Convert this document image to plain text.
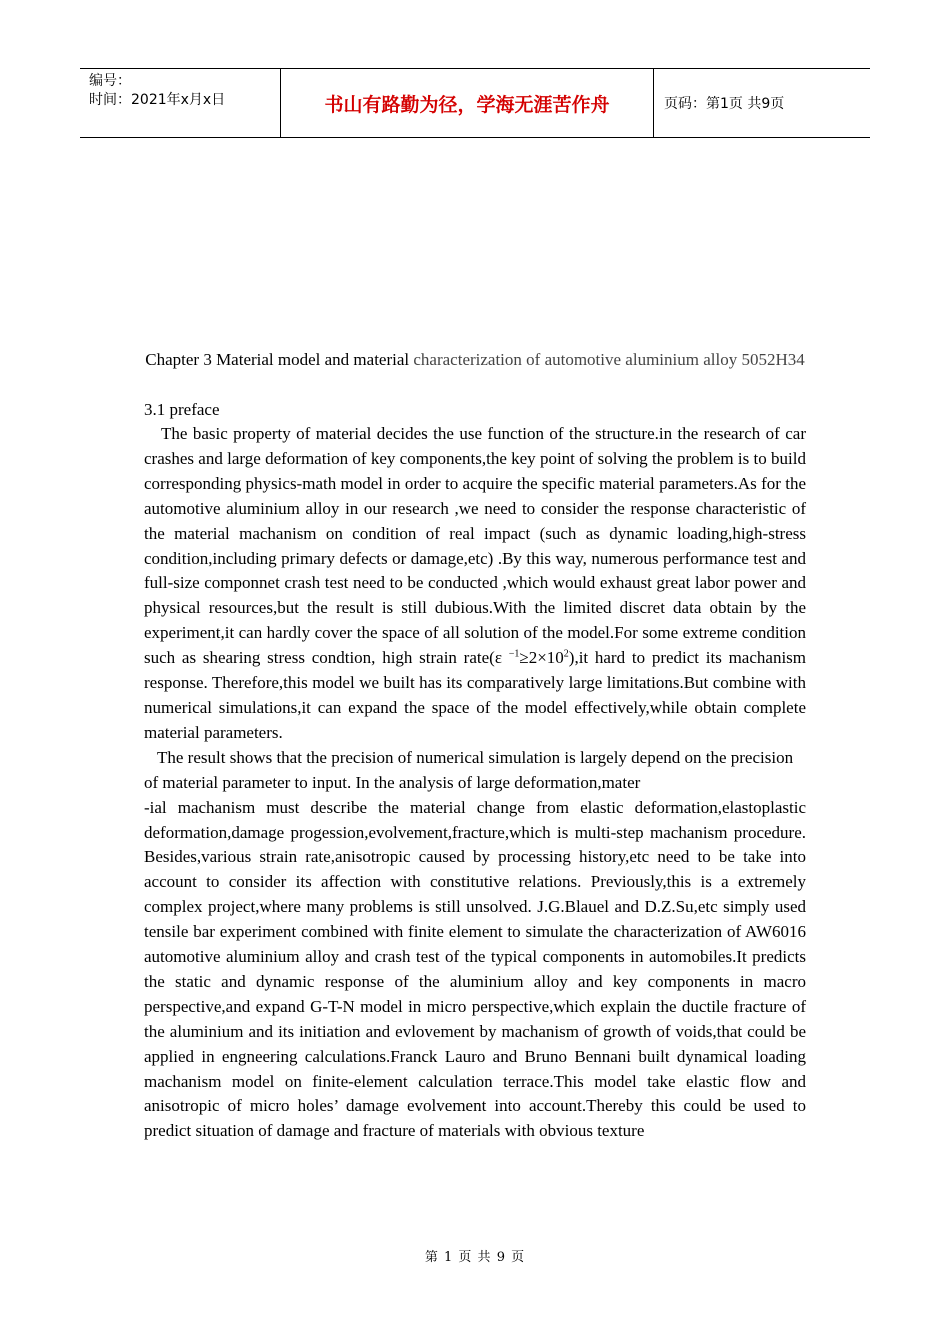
编号：
时间：2021年x月x日	书山有路勤为径，学海无涯苦作舟	页码：第1页 共9页
Chapter 3 Material model and material characterization of automotive aluminium alloy 5052H34
3.1 preface

The basic property of material decides the use function of the structure.in the research of car crashes and large deformation of key components,the key point of solving the problem is to build corresponding physics-math model in order to acquire the specific material parameters.As for the automotive aluminium alloy in our research ,we need to consider the response characteristic of the material machanism on condition of real impact (such as dynamic loading,high-stress condition,including primary defects or damage,etc) .By this way, numerous performance test and full-size componnet crash test need to be conducted ,which would exhaust great labor power and physical resources,but the result is still dubious.With the limited discret data obtain by the experiment,it can hardly cover the space of all solution of the model.For some extreme condition such as shearing stress condtion, high strain rate(ε $^{-1}\ge 2\times 10^2),it$ hard to predict its machanism response. Therefore,this model we built has its comparatively large limitations.But combine with numerical simulations,it can expand the space of the model effectively,while obtain complete material parameters.

The result shows that the precision of numerical simulation is largely depend on the precision of material parameter to input. In the analysis of large deformation,mater

-ial machanism must describe the material change from elastic deformation,elastoplastic deformation,damage progession,evolvement,fracture,which is multi-step machanism procedure. Besides,various strain rate,anisotropic caused by processing history,etc need to be take into account to consider its affection with constitutive relations. Previously,this is a extremely complex project,where many problems is still unsolved. J.G.Blauel and D.Z.Su,etc simply used tensile bar experiment combined with finite element to simulate the characterization of AW6016 automotive aluminium alloy and crash test of the typical components in automobiles.It predicts the static and dynamic response of the aluminium alloy and key components in macro perspective,and expand G-T-N model in micro perspective,which explain the ductile fracture of the aluminium and its initiation and evlovement by machanism of growth of voids,that could be applied in engneering calculations.Franck Lauro and Bruno Bennani built dynamical loading machanism model on finite-element calculation terrace.This model take elastic flow and anisotropic of micro holes’ damage evolvement into account.Thereby this could be used to predict situation of damage and fracture of materials with obvious texture

第 1 页 共 9 页
